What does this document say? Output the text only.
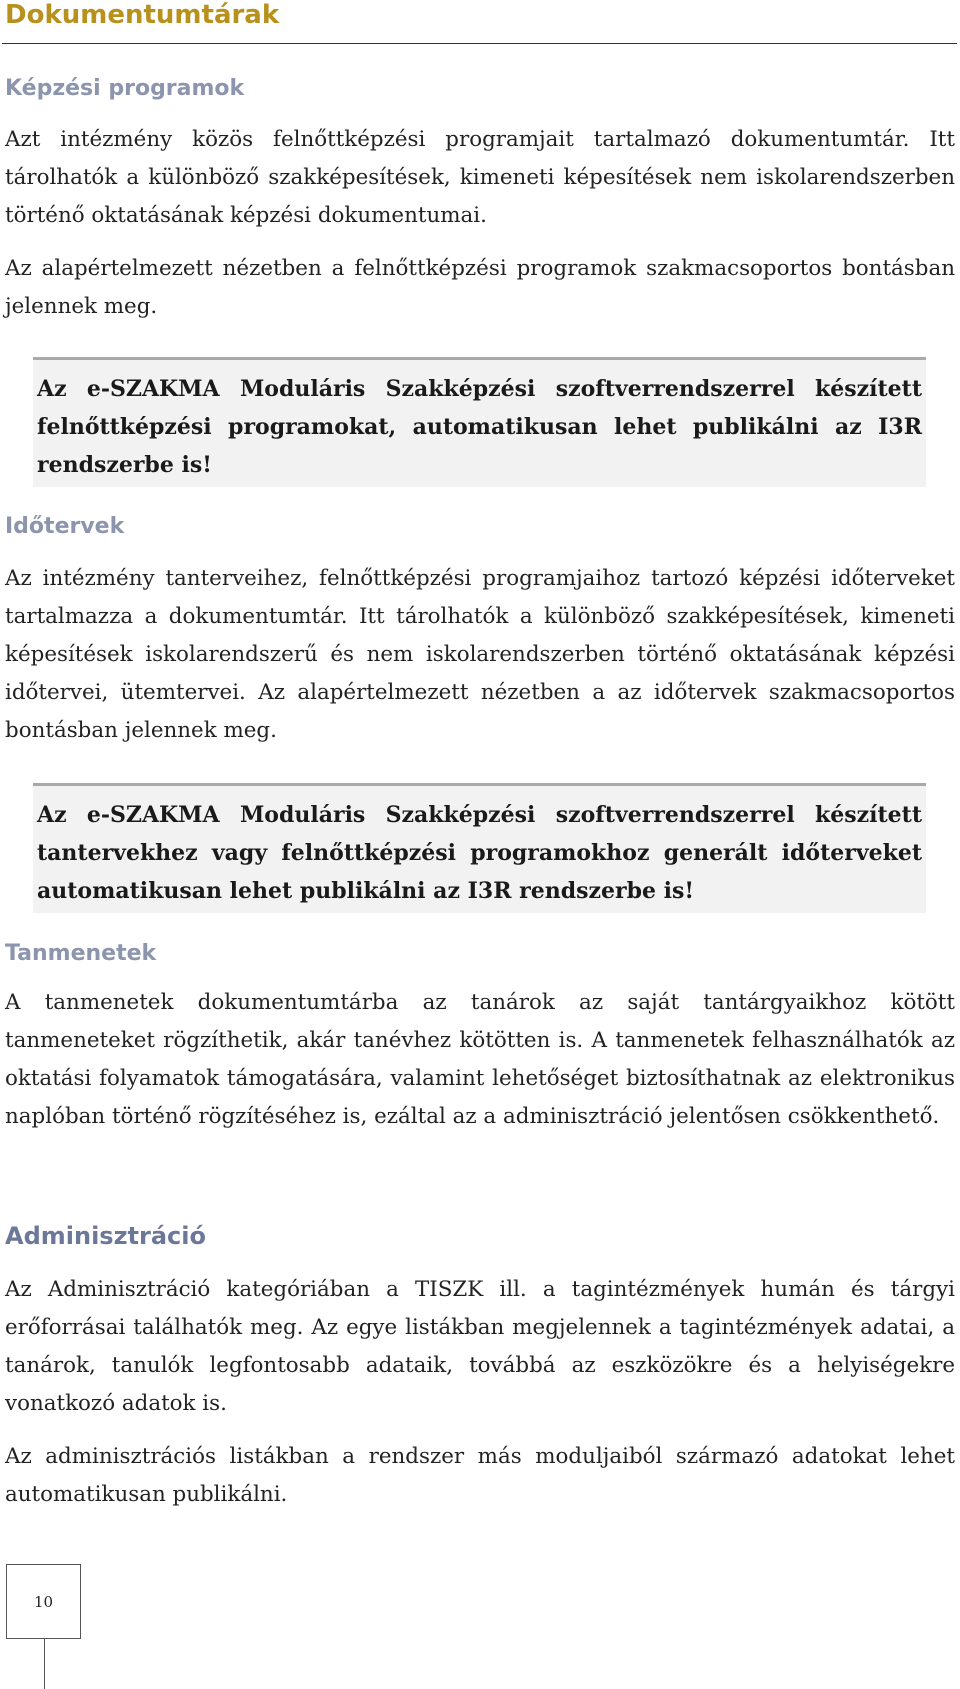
Dokumentumtárak
Képzési programok

Azt intézmény közös felnőttképzési programjait tartalmazó dokumentumtár. Itt tárolhatók a különböző szakképesítések, kimeneti képesítések nem iskolarendszerben történő oktatásának képzési dokumentumai.

Az alapértelmezett nézetben a felnőttképzési programok szakmacsoportos bontásban jelennek meg.

Az e-SZAKMA Moduláris Szakképzési szoftverrendszerrel készített felnőttképzési programokat, automatikusan lehet publikálni az I3R rendszerbe is!

Időtervek

Az intézmény tanterveihez, felnőttképzési programjaihoz tartozó képzési időterveket tartalmazza a dokumentumtár. Itt tárolhatók a különböző szakképesítések, kimeneti képesítések iskolarendszerű és nem iskolarendszerben történő oktatásának képzési időtervei, ütemtervei. Az alapértelmezett nézetben a az időtervek szakmacsoportos bontásban jelennek meg.

Az e-SZAKMA Moduláris Szakképzési szoftverrendszerrel készített tantervekhez vagy felnőttképzési programokhoz generált időterveket automatikusan lehet publikálni az I3R rendszerbe is!

Tanmenetek

A tanmenetek dokumentumtárba az tanárok az saját tantárgyaikhoz kötött tanmeneteket rögzíthetik, akár tanévhez kötötten is. A tanmenetek felhasználhatók az oktatási folyamatok támogatására, valamint lehetőséget biztosíthatnak az elektronikus naplóban történő rögzítéséhez is, ezáltal az a adminisztráció jelentősen csökkenthető.

Adminisztráció

Az Adminisztráció kategóriában a TISZK ill. a tagintézmények humán és tárgyi erőforrásai találhatók meg. Az egye listákban megjelennek a tagintézmények adatai, a tanárok, tanulók legfontosabb adataik, továbbá az eszközökre és a helyiségekre vonatkozó adatok is.

Az adminisztrációs listákban a rendszer más moduljaiból származó adatokat lehet automatikusan publikálni.

10
